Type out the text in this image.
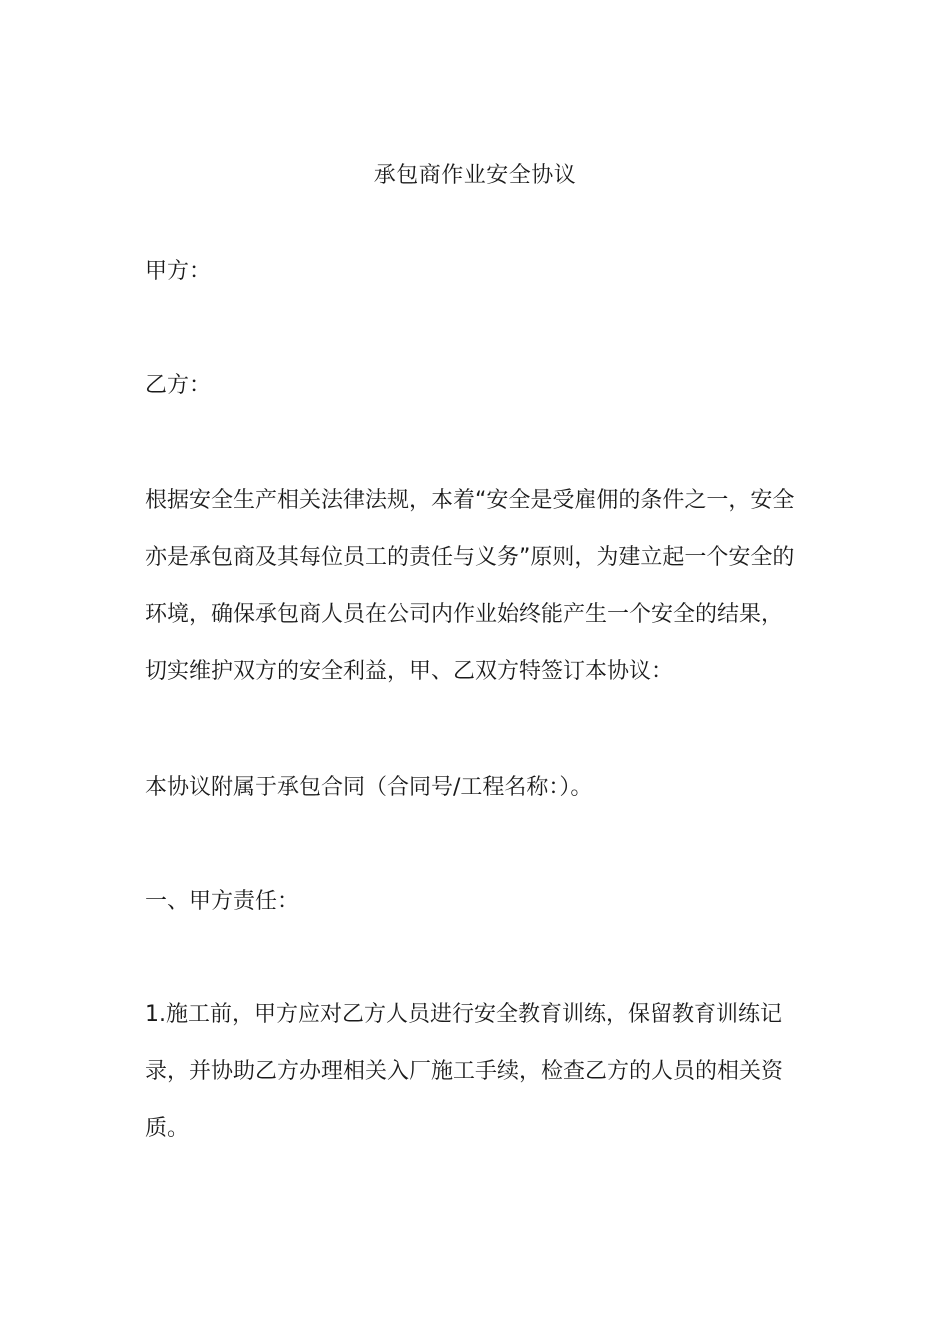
承包商作业安全协议
甲方：
乙方：
根据安全生产相关法律法规，本着“安全是受雇佣的条件之一，安全
亦是承包商及其每位员工的责任与义务”原则，为建立起一个安全的
环境，确保承包商人员在公司内作业始终能产生一个安全的结果，
切实维护双方的安全利益，甲、乙双方特签订本协议：
本协议附属于承包合同（合同号/工程名称：）。
一、甲方责任：
1.施工前，甲方应对乙方人员进行安全教育训练，保留教育训练记
录，并协助乙方办理相关入厂施工手续，检查乙方的人员的相关资
质。
